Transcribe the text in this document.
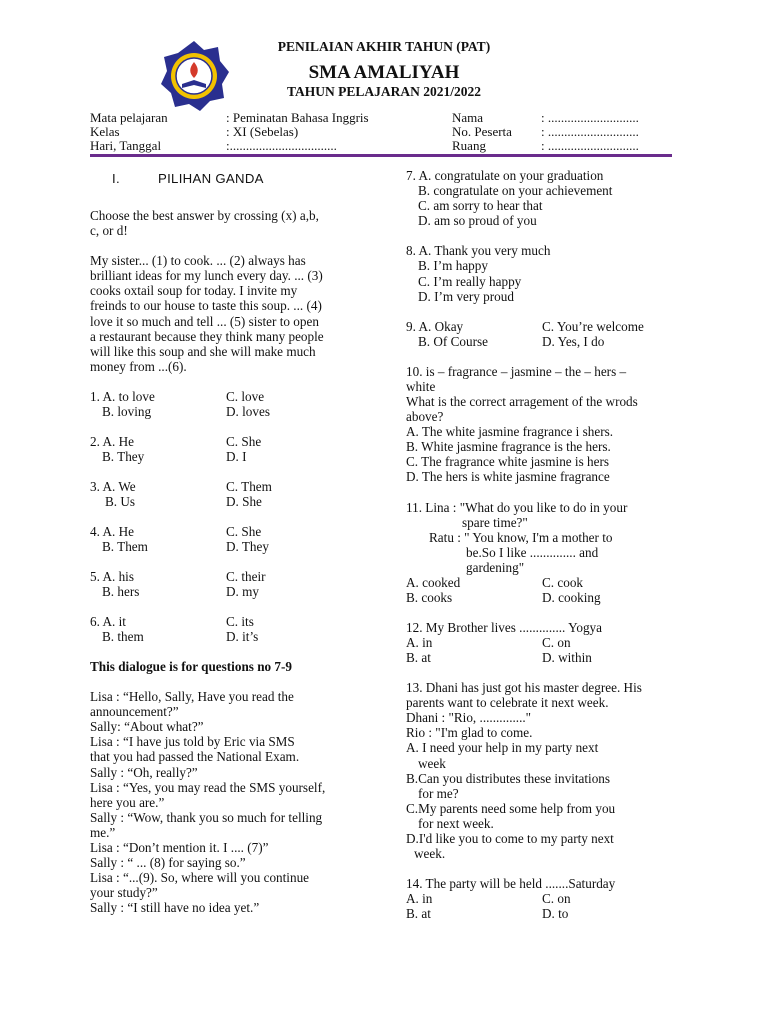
PENILAIAN AKHIR TAHUN (PAT)
SMA AMALIYAH
TAHUN PELAJARAN 2021/2022
Mata pelajaran	: Peminatan Bahasa Inggris
Kelas	: XI (Sebelas)
Hari, Tanggal	:.................................
Nama	: ............................
No. Peserta : ............................
Ruang	: ............................
I.	PILIHAN GANDA
Choose the best answer by crossing (x) a,b,
c, or d!
My sister... (1) to cook. ... (2) always has
brilliant ideas for my lunch every day. ... (3)
cooks oxtail soup for today. I invite my
freinds to our house to taste this soup. ... (4)
love it so much and tell ... (5) sister to open
a restaurant because they think many people
will like this soup and she will make much
money from ...(6).
1. A. to love
B. loving
C. love
D. loves
2. A. He
B. They
C. She
D. I
3. A. We
B. Us
C. Them
D. She
4. A. He
B. Them
C. She
D. They
5. A. his
B. hers
C. their
D. my
6. A. it
B. them
C. its
D. it’s
This dialogue is for questions no 7-9
Lisa : “Hello, Sally, Have you read the
announcement?”
Sally: “About what?”
Lisa : “I have jus told by Eric via SMS
that you had passed the National Exam.
Sally : “Oh, really?”
Lisa : “Yes, you may read the SMS yourself,
here you are.”
Sally : “Wow, thank you so much for telling
me.”
Lisa : “Don’t mention it. I .... (7)”
Sally : “ ... (8) for saying so.”
Lisa : “...(9). So, where will you continue
your study?”
Sally : “I still have no idea yet.”
7. A. congratulate on your graduation
B. congratulate on your achievement
C. am sorry to hear that
D. am so proud of you
8. A. Thank you very much
B. I’m happy
C. I’m really happy
D. I’m very proud
9. A. Okay
B. Of Course
C. You’re welcome
D. Yes, I do
10. is – fragrance – jasmine – the – hers –
white
What is the correct arragement of the wrods
above?
A. The white jasmine fragrance i shers.
B. White jasmine fragrance is the hers.
C. The fragrance white jasmine is hers
D. The hers is white jasmine fragrance
11. Lina : "What do you like to do in your
spare time?"
Ratu : " You know, I'm a mother to
be.So I like .............. and
gardening"
A. cooked
B. cooks
C. cook
D. cooking
12. My Brother lives .............. Yogya
A. in
B. at
C. on
D. within
13. Dhani has just got his master degree. His
parents want to celebrate it next week.
Dhani : "Rio, .............."
Rio : "I'm glad to come.
A. I need your help in my party next
week
B.Can you distributes these invitations
for me?
C.My parents need some help from you
for next week.
D.I'd like you to come to my party next
week.
14. The party will be held .......Saturday
A. in
B. at
C. on
D. to
